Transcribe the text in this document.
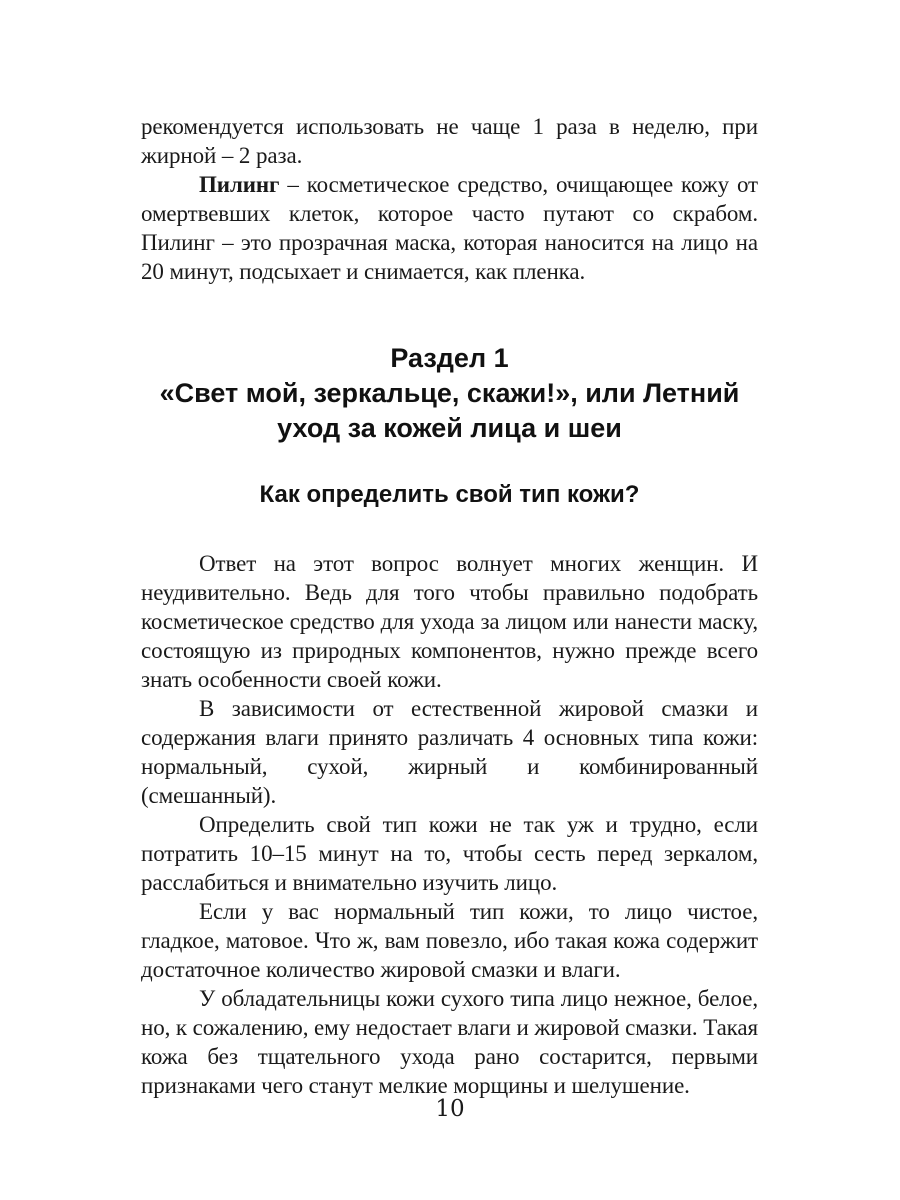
рекомендуется использовать не чаще 1 раза в неделю, при жирной – 2 раза.

Пилинг – косметическое средство, очищающее кожу от омертвевших клеток, которое часто путают со скрабом. Пилинг – это прозрачная маска, которая наносится на лицо на 20 минут, подсыхает и снимается, как пленка.

Раздел 1
«Свет мой, зеркальце, скажи!», или Летний
уход за кожей лица и шеи
Как определить свой тип кожи?

Ответ на этот вопрос волнует многих женщин. И неудивительно. Ведь для того чтобы правильно подобрать косметическое средство для ухода за лицом или нанести маску, состоящую из природных компонентов, нужно прежде всего знать особенности своей кожи.

В зависимости от естественной жировой смазки и содержания влаги принято различать 4 основных типа кожи: нормальный, сухой, жирный и комбинированный (смешанный).

Определить свой тип кожи не так уж и трудно, если потратить 10–15 минут на то, чтобы сесть перед зеркалом, расслабиться и внимательно изучить лицо.

Если у вас нормальный тип кожи, то лицо чистое, гладкое, матовое. Что ж, вам повезло, ибо такая кожа содержит достаточное количество жировой смазки и влаги.

У обладательницы кожи сухого типа лицо нежное, белое, но, к сожалению, ему недостает влаги и жировой смазки. Такая кожа без тщательного ухода рано состарится, первыми признаками чего станут мелкие морщины и шелушение.

10
